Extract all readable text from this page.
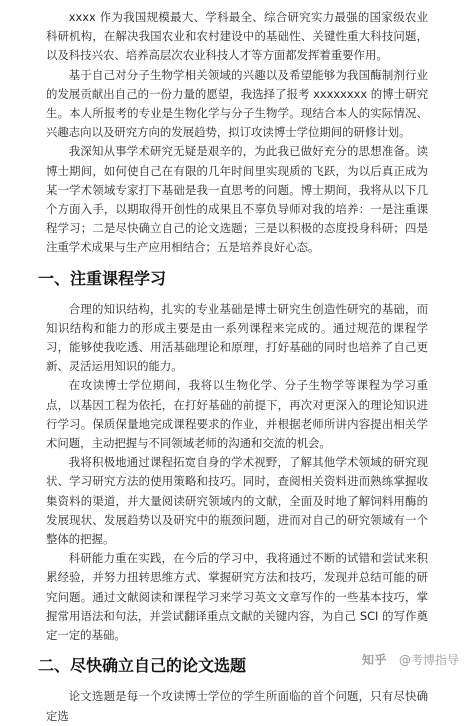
xxxx 作为我国规模最大、学科最全、综合研究实力最强的国家级农业科研机构，在解决我国农业和农村建设中的基础性、关键性重大科技问题，以及科技兴农、培养高层次农业科技人才等方面都发挥着重要作用。

基于自己对分子生物学相关领域的兴趣以及希望能够为我国酶制剂行业的发展贡献出自己的一份力量的愿望，我选择了报考 xxxxxxxx 的博士研究生。本人所报考的专业是生物化学与分子生物学。现结合本人的实际情况、兴趣志向以及研究方向的发展趋势，拟订攻读博士学位期间的研修计划。

我深知从事学术研究无疑是艰辛的，为此我已做好充分的思想准备。读博士期间，如何使自己在有限的几年时间里实现质的飞跃，为以后真正成为某一学术领域专家打下基础是我一直思考的问题。博士期间，我将从以下几个方面入手，以期取得开创性的成果且不辜负导师对我的培养：一是注重课程学习；二是尽快确立自己的论文选题；三是以积极的态度投身科研；四是注重学术成果与生产应用相结合；五是培养良好心态。

一、注重课程学习

合理的知识结构，扎实的专业基础是博士研究生创造性研究的基础，而知识结构和能力的形成主要是由一系列课程来完成的。通过规范的课程学习，能够使我吃透、用活基础理论和原理，打好基础的同时也培养了自己更新、灵活运用知识的能力。

在攻读博士学位期间，我将以生物化学、分子生物学等课程为学习重点，以基因工程为依托，在打好基础的前提下，再次对更深入的理论知识进行学习。保质保量地完成课程要求的作业，并根据老师所讲内容提出相关学术问题，主动把握与不同领域老师的沟通和交流的机会。

我将积极地通过课程拓宽自身的学术视野，了解其他学术领域的研究现状、学习研究方法的使用策略和技巧。同时，查阅相关资料进而熟练掌握收集资料的渠道，并大量阅读研究领域内的文献，全面及时地了解饲料用酶的发展现状、发展趋势以及研究中的瓶颈问题，进而对自己的研究领域有一个整体的把握。

科研能力重在实践，在今后的学习中，我将通过不断的试错和尝试来积累经验，并努力扭转思维方式、掌握研究方法和技巧，发现并总结可能的研究问题。通过文献阅读和课程学习来学习英文文章写作的一些基本技巧，掌握常用语法和句法，并尝试翻译重点文献的关键内容，为自己 SCI 的写作奠定一定的基础。

二、尽快确立自己的论文选题

论文选题是每一个攻读博士学位的学生所面临的首个问题，只有尽快确定选

知乎 @考博指导
